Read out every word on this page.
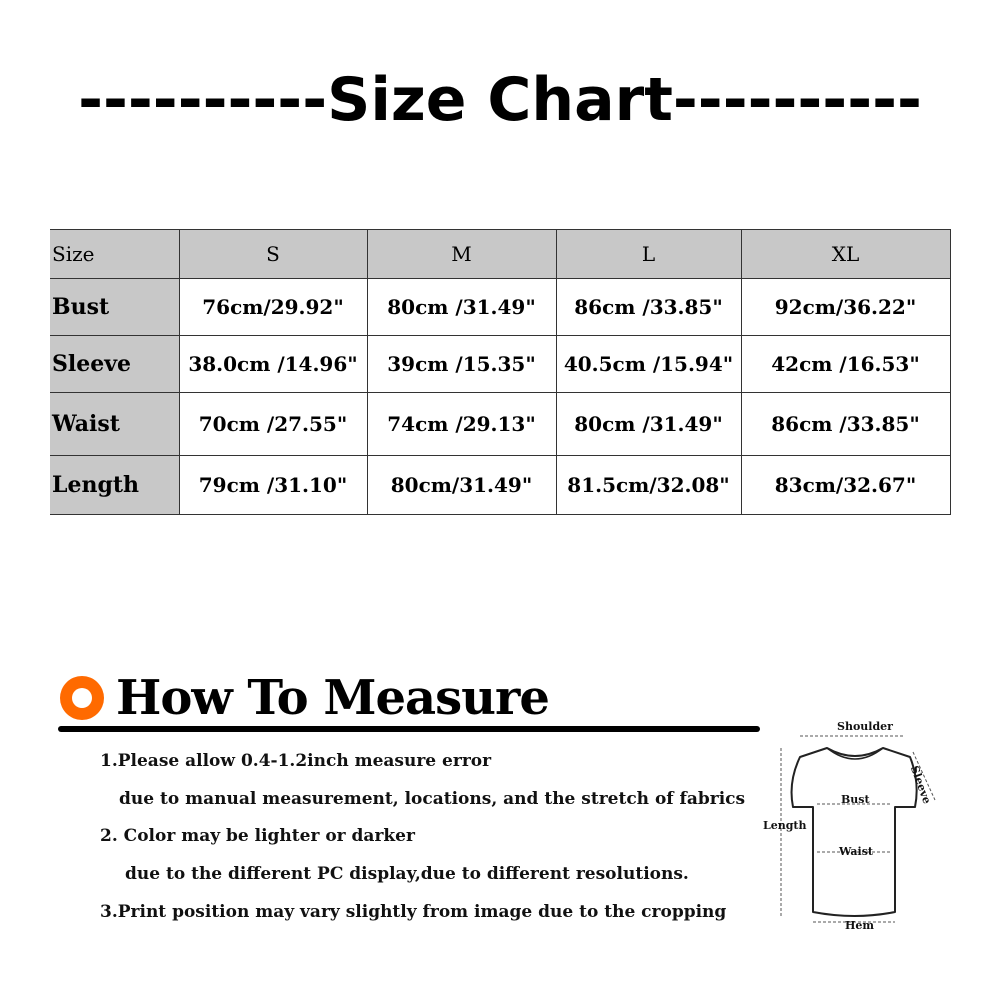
----------Size Chart----------
Size	S	M	L	XL
Bust	76cm/29.92"	80cm /31.49"	86cm /33.85"	92cm/36.22"
Sleeve	38.0cm /14.96"	39cm /15.35"	40.5cm /15.94"	42cm /16.53"
Waist	70cm /27.55"	74cm /29.13"	80cm /31.49"	86cm /33.85"
Length	79cm /31.10"	80cm/31.49"	81.5cm/32.08"	83cm/32.67"
How To Measure
1.Please allow 0.4-1.2inch measure error
due to manual measurement, locations, and the stretch of fabrics
2. Color may be lighter or darker
due to the different PC display,due to different resolutions.
3.Print position may vary slightly from image due to the cropping
Shoulder
Sleeve
Bust
Length
Waist
Hem
